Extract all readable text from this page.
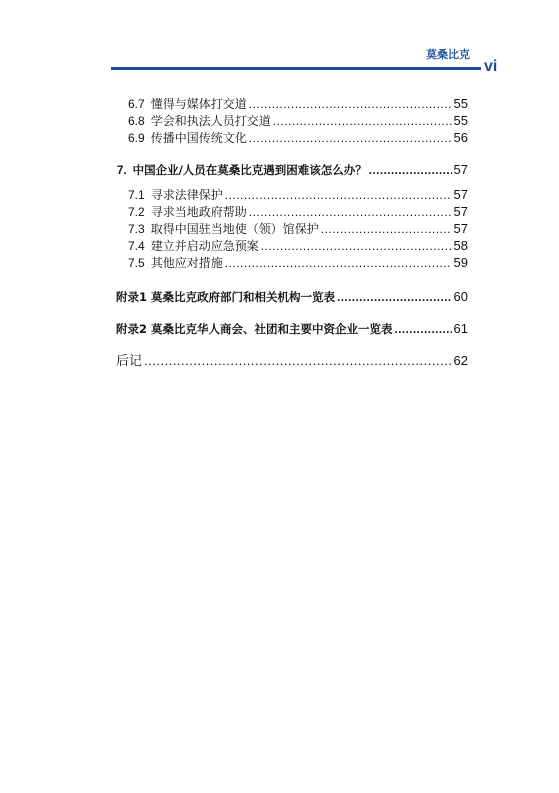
莫桑比克
vi
6.7 懂得与媒体打交道 .....	55
6.8 学会和执法人员打交道 .....	55
6.9 传播中国传统文化 .....	56
7. 中国企业/人员在莫桑比克遇到困难该怎么办？ .....	57
7.1 寻求法律保护 .....	57
7.2 寻求当地政府帮助 .....	57
7.3 取得中国驻当地使（领）馆保护 .....	57
7.4 建立并启动应急预案 .....	58
7.5 其他应对措施 .....	59
附录1 莫桑比克政府部门和相关机构一览表 .....	60
附录2 莫桑比克华人商会、社团和主要中资企业一览表 .....	61
后记 .....	62
